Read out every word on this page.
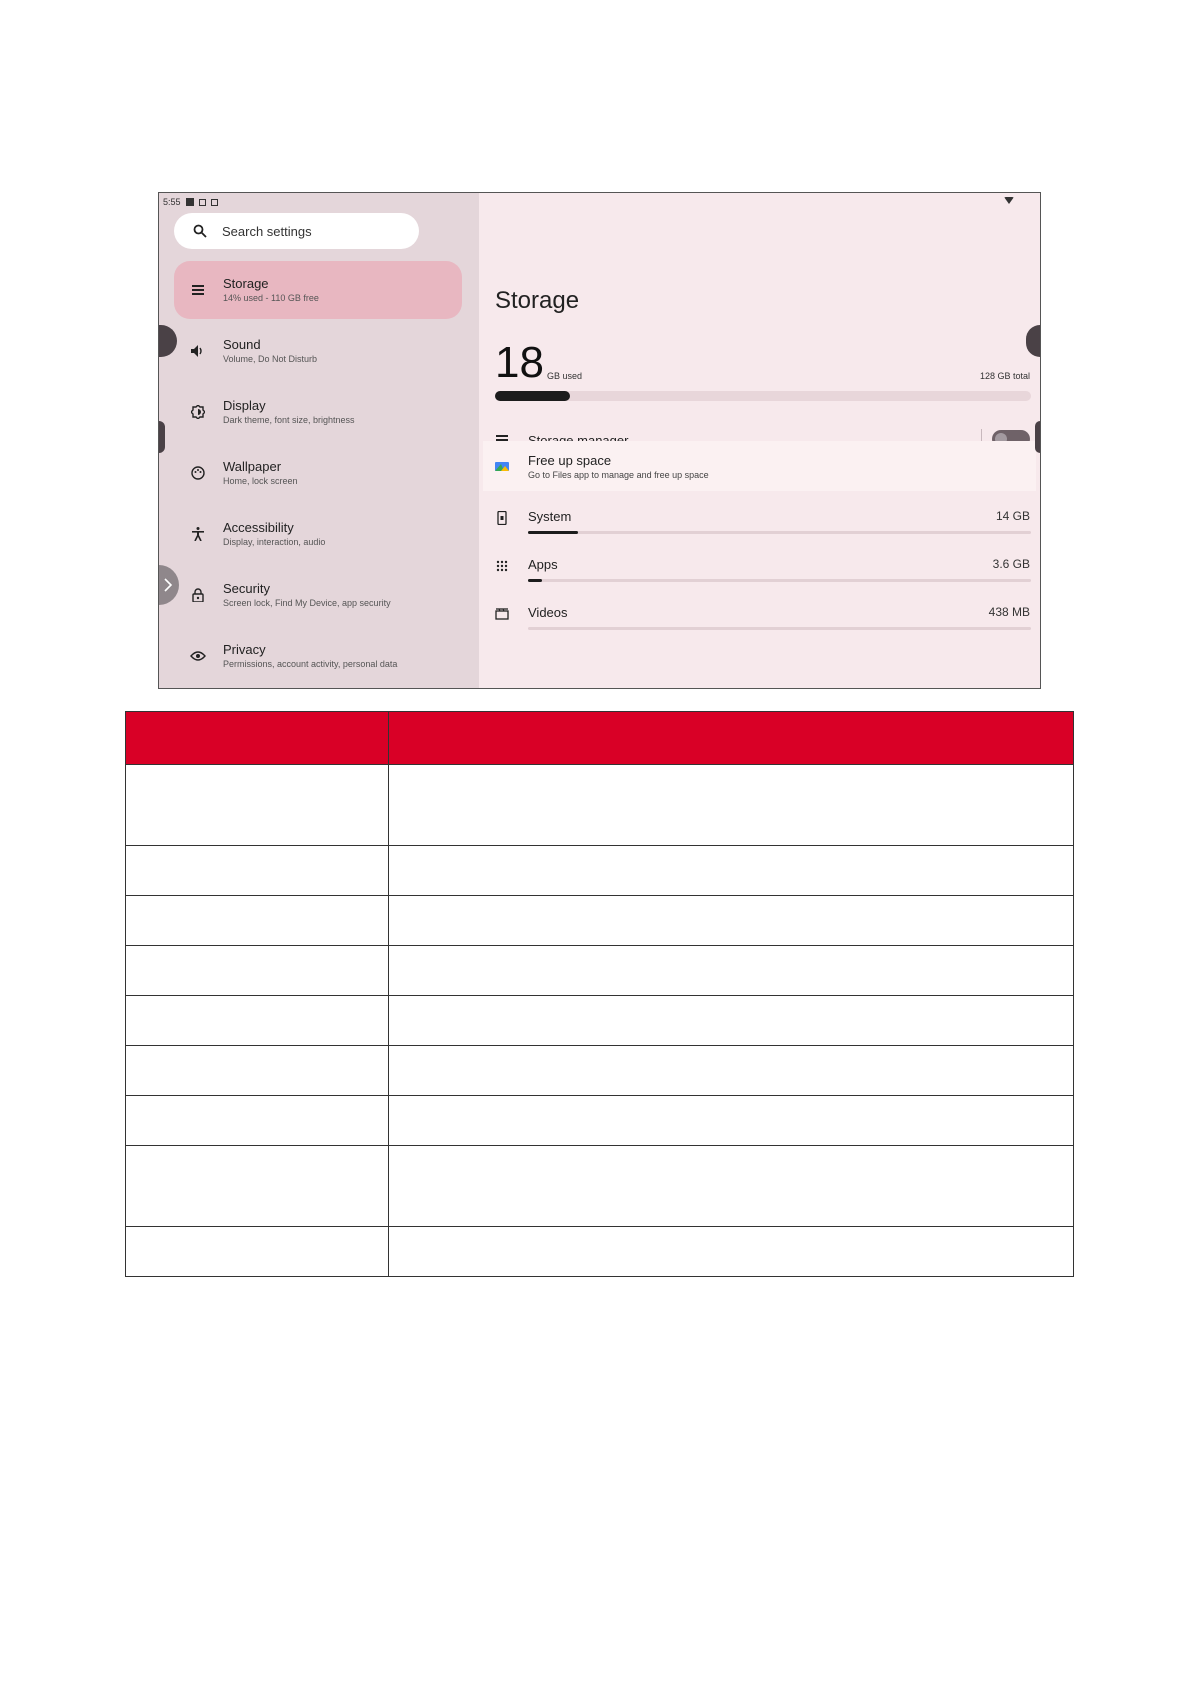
5:55
Search settings
Storage
14% used - 110 GB free
Sound
Volume, Do Not Disturb
Display
Dark theme, font size, brightness
Wallpaper
Home, lock screen
Accessibility
Display, interaction, audio
Security
Screen lock, Find My Device, app security
Privacy
Permissions, account activity, personal data
Storage
18 GB used	128 GB total
Free up space
Go to Files app to manage and free up space
System	14 GB
Apps	3.6 GB
Videos	438 MB
